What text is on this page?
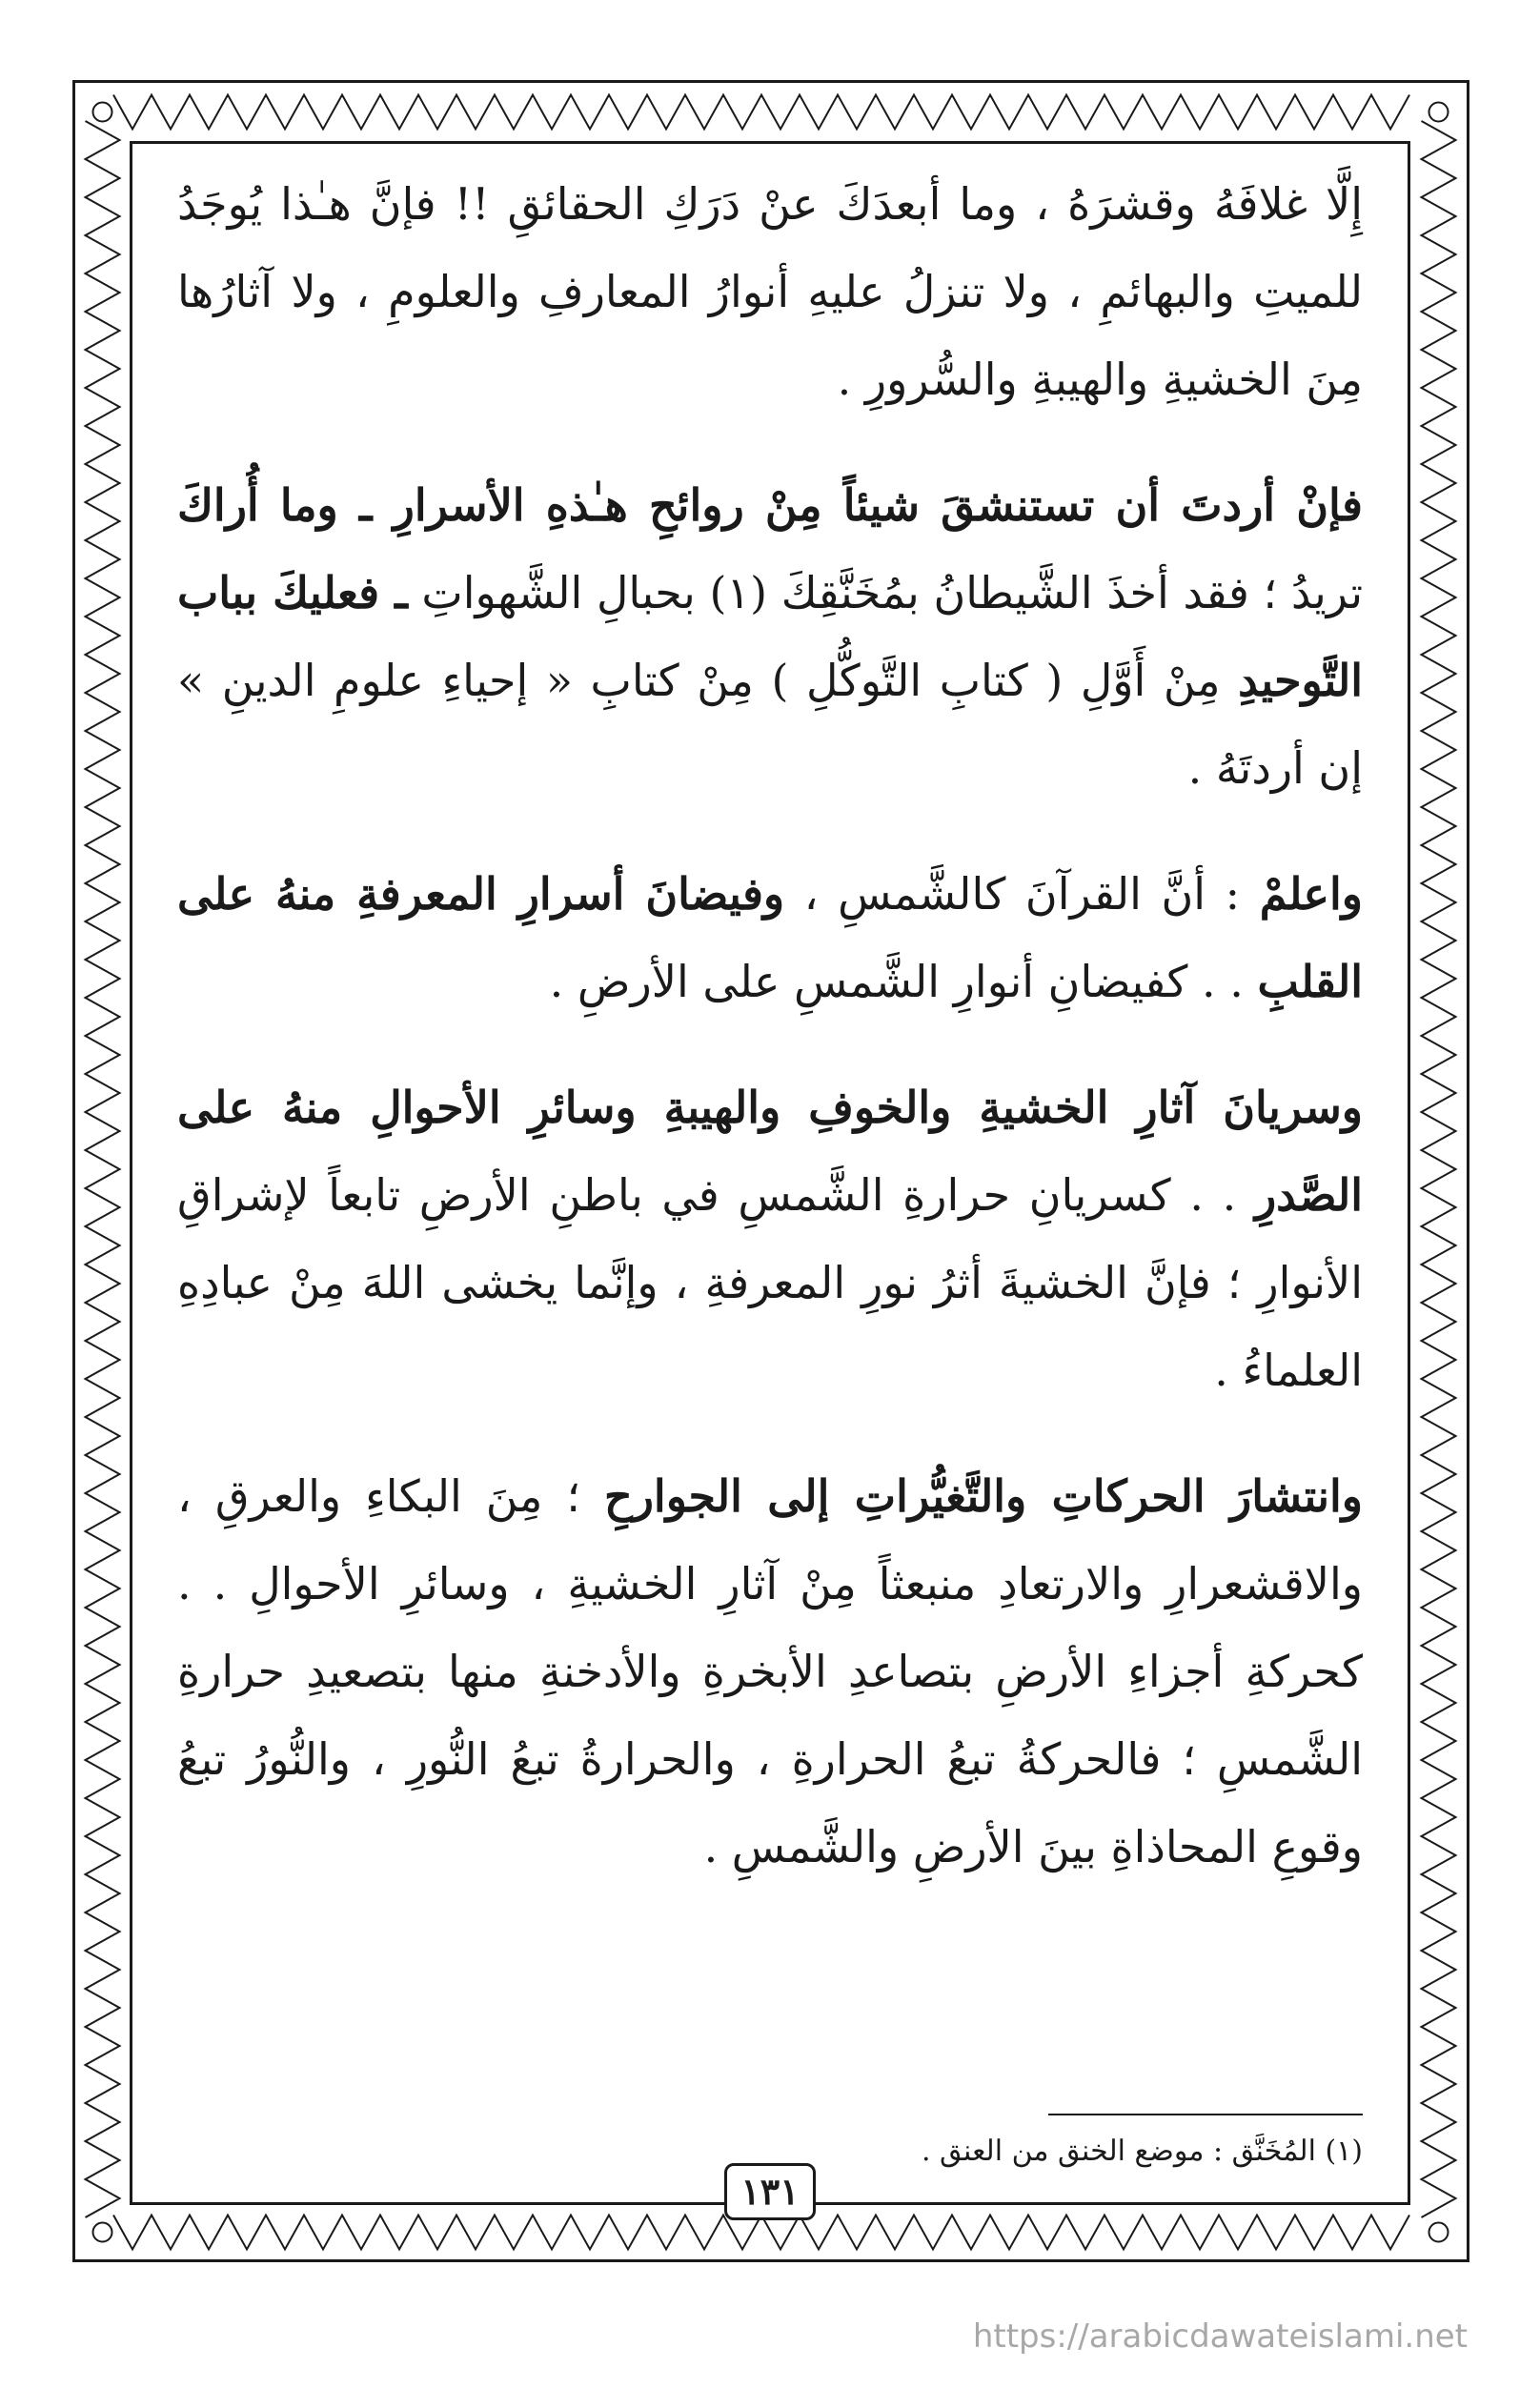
إِلَّا غلافَهُ وقشرَهُ ، وما أبعدَكَ عنْ دَرَكِ الحقائقِ !! فإنَّ هـٰذا يُوجَدُ للميتِ والبهائمِ ، ولا تنزلُ عليهِ أنوارُ المعارفِ والعلومِ ، ولا آثارُها مِنَ الخشيةِ والهيبةِ والسُّرورِ .

فإنْ أردتَ أن تستنشقَ شيئاً مِنْ روائحِ هـٰذهِ الأسرارِ ـ وما أُراكَ تريدُ ؛ فقد أخذَ الشَّيطانُ بمُخَنَّقِكَ (١) بحبالِ الشَّهواتِ ـ فعليكَ بباب التَّوحيدِ مِنْ أَوَّلِ ( كتابِ التَّوكُّلِ ) مِنْ كتابِ « إحياءِ علومِ الدينِ » إن أردتَهُ .

واعلمْ : أنَّ القرآنَ كالشَّمسِ ، وفيضانَ أسرارِ المعرفةِ منهُ على القلبِ . . كفيضانِ أنوارِ الشَّمسِ على الأرضِ .

وسريانَ آثارِ الخشيةِ والخوفِ والهيبةِ وسائرِ الأحوالِ منهُ على الصَّدرِ . . كسريانِ حرارةِ الشَّمسِ في باطنِ الأرضِ تابعاً لإشراقِ الأنوارِ ؛ فإنَّ الخشيةَ أثرُ نورِ المعرفةِ ، وإنَّما يخشى اللهَ مِنْ عبادِهِ العلماءُ .

وانتشارَ الحركاتِ والتَّغيُّراتِ إلى الجوارحِ ؛ مِنَ البكاءِ والعرقِ ، والاقشعرارِ والارتعادِ منبعثاً مِنْ آثارِ الخشيةِ ، وسائرِ الأحوالِ . . كحركةِ أجزاءِ الأرضِ بتصاعدِ الأبخرةِ والأدخنةِ منها بتصعيدِ حرارةِ الشَّمسِ ؛ فالحركةُ تبعُ الحرارةِ ، والحرارةُ تبعُ النُّورِ ، والنُّورُ تبعُ وقوعِ المحاذاةِ بينَ الأرضِ والشَّمسِ .

(١) المُخَنَّق : موضع الخنق من العنق .
١٣١
https://arabicdawateislami.net
